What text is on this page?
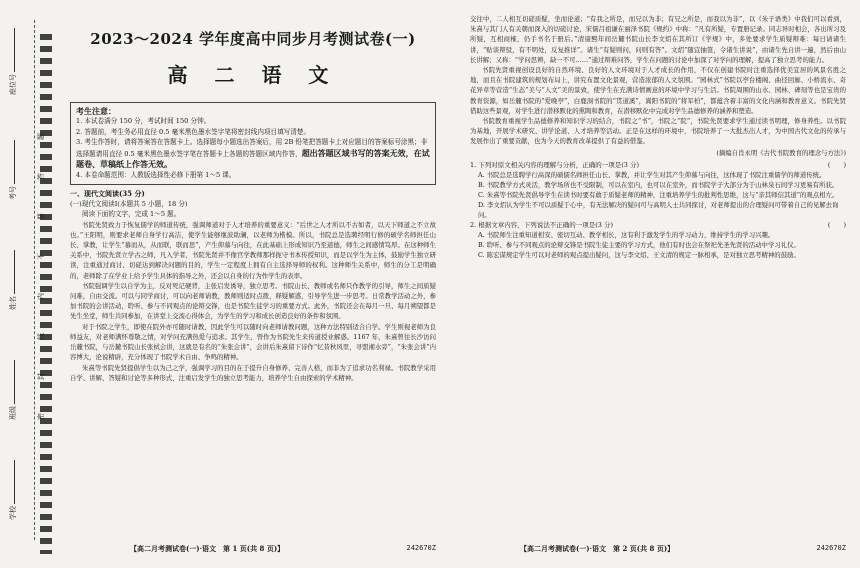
学校
班级
姓名
考号
座位号
密
封
线
内
不
要
答
题
2023～2024 学年度高中同步月考测试卷(一)
高 二 语 文
考生注意：
1. 本试卷满分 150 分，考试时间 150 分钟。
2. 答题前，考生务必用直径 0.5 毫米黑色墨水签字笔将密封线内项目填写清楚。
3. 考生作答时，请将答案答在答题卡上。选择题每小题选出答案后，用 2B 铅笔把答题卡上对应题目的答案标号涂黑；非选择题请用直径 0.5 毫米黑色墨水签字笔在答题卡上各题的答题区域内作答，超出答题区域书写的答案无效，在试题卷、草稿纸上作答无效。
4. 本卷命题范围：人教版选择性必修下册第 1～5 课。
一、现代文阅读(35 分)
(一)现代文阅读Ⅰ(本题共 5 小题，18 分)
阅读下面的文字，完成 1～5 题。

书院先贤致力于恢复儒学的师道传统，强调师道对于人才培养的重要意义：“后世之人才所以不古如者，以天下师道之不立故也。”王阳明，则要求老师自身学行高洁，使学生能够继波助澜，以老师为楷模。所以，书院总是选聘经明行修的硕学名师担任山长、掌教，让学生“慕而从，从而联，联而思”，产生仰慕与向往，在此基础上形成知识乃至道德，师生之间感情笃厚。在这种师生关系中，书院先贤立学古之师，凡入学者，书院先贤并不像官学教师那样扼守书本传授知识，而是以学生为主体，鼓励学生独立研读，注重通过商讨、切磋达到解决问题的目的，学生一定程度上拥有自主选择导师的权利。这种师生关系中，师生的分工是明确的，老师除了在学业上给予学生具体的指导之外，还会以自身的行为作学生的表率。

书院强调学生以自学为主，反对死记硬背，主张启发诱导，独立思考。书院山长、教师或名师只作教学的引导，师生之间质疑问难，自由交流。可以与同学商讨，可以向老师请教，教师则适时点拨，释疑解惑，引导学生进一步思考。日常教学活动之外，参加书院的会讲活动，聆听、参与不同观点的论辩交锋，也是书院生徒学习的重要方式。此外，书院还会在每月一旦、每月朔望都是先生坐堂，师生共同参加，在讲堂上交流心得体会，为学生的学习和成长创造良好的条件和氛围。

对于书院之学生，即使在院外亦可随时请教，因此学生可以随时向老师请教问题，这种方法特别适合自学。学生则视老师为良师益友，对老师满怀尊敬之情，对学问充满热爱与追求。其学生，曾作为书院先生来传道授业解惑。1167 年，朱熹曾往长沙访问岳麓书院，与岳麓书院山长张栻会讲，这就是有名的“朱张会讲”，会讲后朱熹留下诗作“忆昔秋风里，寻盟湘水旁”，“朱张会讲”内容博大，论说精辟，充分体现了书院学术自由、争鸣的精神。

朱熹等书院先贤提倡学生以为己之学，强调学习的目的在于提升自身修养、完善人格，而非为了追求功名利禄。书院教学采用自学、讲解、答疑和讨论等多种形式，注重启发学生的独立思考能力，培养学生自由探索的学术精神。

交往中，二人相互切磋质疑，坐而论道；“有我之所是，而兄以为非；有兄之所是，而我以为非”，以《朱子语类》中我们可以看到，朱熹与其门人有关朝而深入的切磋讨论，宋儒吕祖谦在丽泽书院《规约》中称：“凡有所疑，专置册记录。同志异时相会，各出所习及所疑，互相商榷，仍手书名于册后。”清康熙年间岳麓书院山长李文炤在其所订《学规》中，多处要求学生质疑辩难：每日请诸生讲，“贴谈辩驳，有不明处，反复推详”。诸生“有疑则问，问则有答”。文炤“随宜抽签，令诸生讲说”，由诸生先自讲一遍，然后由山长讲解；又称：“学问思辨，缺一不可……”通过辩难问答，学生在问题的讨论中加深了对学问的理解，提高了独立思考的能力。

书院先贤重视创设良好的自然环境、良好的人文环境对于人才成长的作用，不仅在创建书院时注重选择优美宜居的风景名胜之地，而且在书院建筑的规划布局上，讲究布置文化景观，营造浓郁的人文氛围。“园林式”书院以亭台楼阁、曲径回廊、小桥流水、奇花异草等营造“生态”美与“人文”美的景致，使学生在充满诗情画意的环境中学习与生活。书院周围的山水、园林、碑刻等也是宝贵的教育资源，如岳麓书院的“爱晚亭”，白鹿洞书院的“贯道溪”，嵩阳书院的“将军柏”，都蕴含着丰富的文化内涵和教育意义。书院先贤借助这些景观，对学生进行潜移默化的熏陶和教育，在潜移默化中完成对学生品德修养的涵养和塑造。

书院教育重视学生品德修养和知识学习的结合，书院之“书”，书院之“院”，书院先贤要求学生通过读书明理，修身养性。以书院为基地，开展学术研究、讲学论道、人才培养等活动。正是在这样的环境中，书院培养了一大批杰出人才，为中国古代文化的传承与发展作出了重要贡献，也为今天的教育改革提供了有益的借鉴。

(摘编自肖永明《古代书院教育的理念与方法》)

1. 下列对原文相关内容的理解与分析，正确的一项是(3 分)	(　　)

A. 书院总是选聘学行高深的硕儒名师担任山长、掌教，并让学生对其产生仰慕与向往，这体现了书院注重儒学的师道传统。

B. 书院教学方式灵活，教学场所也不受限制，可以在室内，也可以在室外，而书院学子大部分为于山林泉石间学习更易有所获。

C. 朱熹等书院先贤倡导学生在读书时要有敢于质疑老师的精神，注重培养学生的批判性思维，这与“亲其师信其道”的观点相左。

D. 李文炤认为学生不可以质疑于心中，有无法解决的疑问可与高明人士共同探讨，对老师提出的合理疑问可带着自己的见解去询问。

2. 根据文章内容，下列说法不正确的一项是(3 分)	(　　)

A. 书院师生注重知道相安、密切互动、教学相长，这有利于激发学生的学习动力，维持学生的学习兴趣。

B. 聆听、参与不同观点的论辩交锋是书院生徒主要的学习方式，他们有时也会在祭祀先圣先贤的活动中学习礼仪。

C. 陈宏谋规定学生可以对老师的观点提出疑问，这与李文炤、王文清的规定一脉相承，是对独立思考精神的鼓励。

【高二月考测试卷(一)·语文　第 1 页(共 8 页)】	242670Z	【高二月考测试卷(一)·语文　第 2 页(共 8 页)】	242670Z
